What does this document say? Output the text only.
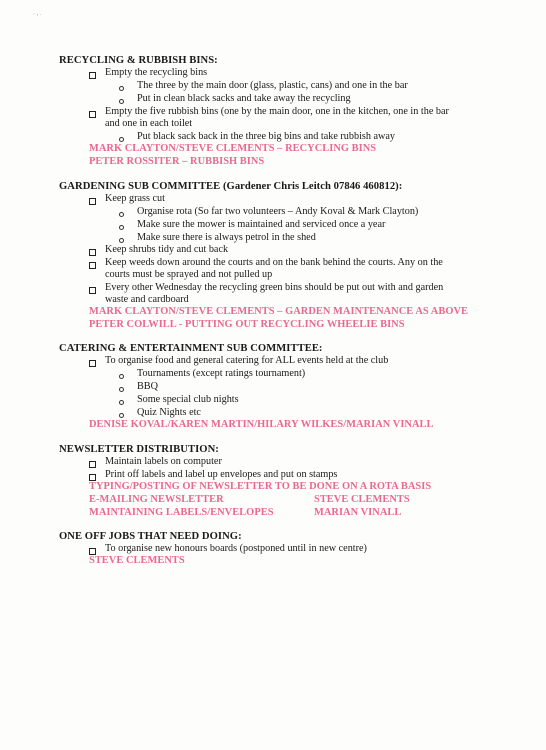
´ ’ ˙
RECYCLING & RUBBISH BINS:
Empty the recycling bins
The three by the main door (glass, plastic, cans) and one in the bar
Put in clean black sacks and take away the recycling
Empty the five rubbish bins (one by the main door, one in the kitchen, one in the bar
and one in each toilet
Put black sack back in the three big bins and take rubbish away
MARK CLAYTON/STEVE CLEMENTS – RECYCLING BINS
PETER ROSSITER – RUBBISH BINS
GARDENING SUB COMMITTEE (Gardener Chris Leitch 07846 460812):
Keep grass cut
Organise rota (So far two volunteers – Andy Koval & Mark Clayton)
Make sure the mower is maintained and serviced once a year
Make sure there is always petrol in the shed
Keep shrubs tidy and cut back
Keep weeds down around the courts and on the bank behind the courts. Any on the
courts must be sprayed and not pulled up
Every other Wednesday the recycling green bins should be put out with and garden
waste and cardboard
MARK CLAYTON/STEVE CLEMENTS – GARDEN MAINTENANCE AS ABOVE
PETER COLWILL - PUTTING OUT RECYCLING WHEELIE BINS
CATERING & ENTERTAINMENT SUB COMMITTEE:
To organise food and general catering for ALL events held at the club
Tournaments (except ratings tournament)
BBQ
Some special club nights
Quiz Nights etc
DENISE KOVAL/KAREN MARTIN/HILARY WILKES/MARIAN VINALL
NEWSLETTER DISTRIBUTION:
Maintain labels on computer
Print off labels and label up envelopes and put on stamps
TYPING/POSTING OF NEWSLETTER TO BE DONE ON A ROTA BASIS
E-MAILING NEWSLETTER	STEVE CLEMENTS
MAINTAINING LABELS/ENVELOPES	MARIAN VINALL
ONE OFF JOBS THAT NEED DOING:
To organise new honours boards (postponed until in new centre)
STEVE CLEMENTS
